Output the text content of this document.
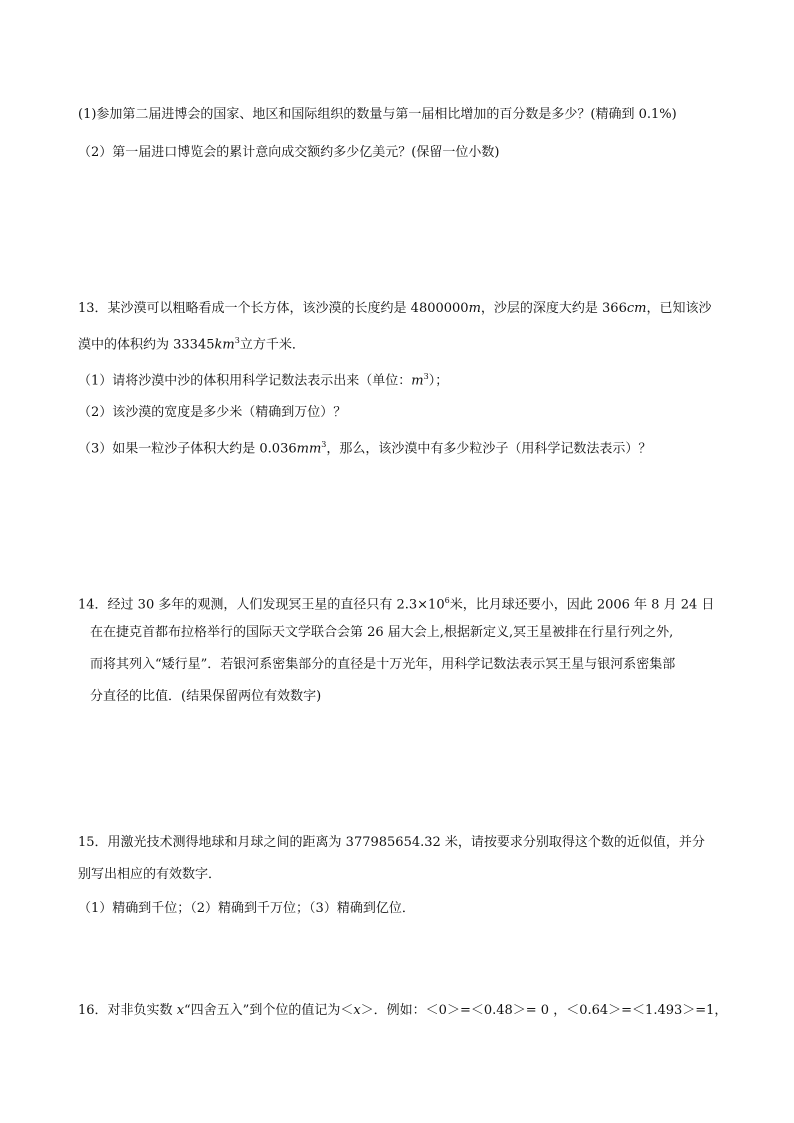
(1)参加第二届进博会的国家、地区和国际组织的数量与第一届相比增加的百分数是多少？(精确到 0.1%)
（2）第一届进口博览会的累计意向成交额约多少亿美元？(保留一位小数)
13．某沙漠可以粗略看成一个长方体，该沙漠的长度约是 4800000m，沙层的深度大约是 366cm，已知该沙
漠中的体积约为 $33345km^3$立方千米．
（1）请将沙漠中沙的体积用科学记数法表示出来（单位：$m^3$）；
（2）该沙漠的宽度是多少米（精确到万位）？
（3）如果一粒沙子体积大约是 $0.036mm^3$，那么，该沙漠中有多少粒沙子（用科学记数法表示）？
14．经过 30 多年的观测，人们发现冥王星的直径只有 $2.3\times 10^6$米，比月球还要小，因此 2006 年 8 月 24 日
在在捷克首都布拉格举行的国际天文学联合会第 26 届大会上,根据新定义,冥王星被排在行星行列之外,
而将其列入“矮行星”．若银河系密集部分的直径是十万光年，用科学记数法表示冥王星与银河系密集部
分直径的比值．(结果保留两位有效数字)
15．用激光技术测得地球和月球之间的距离为 377985654.32 米，请按要求分别取得这个数的近似值，并分
别写出相应的有效数字．
（1）精确到千位；（2）精确到千万位；（3）精确到亿位．
16．对非负实数 x“四舍五入”到个位的值记为＜x＞．例如：＜0＞=＜0.48＞= 0 ，＜0.64＞=＜1.493＞=1，
